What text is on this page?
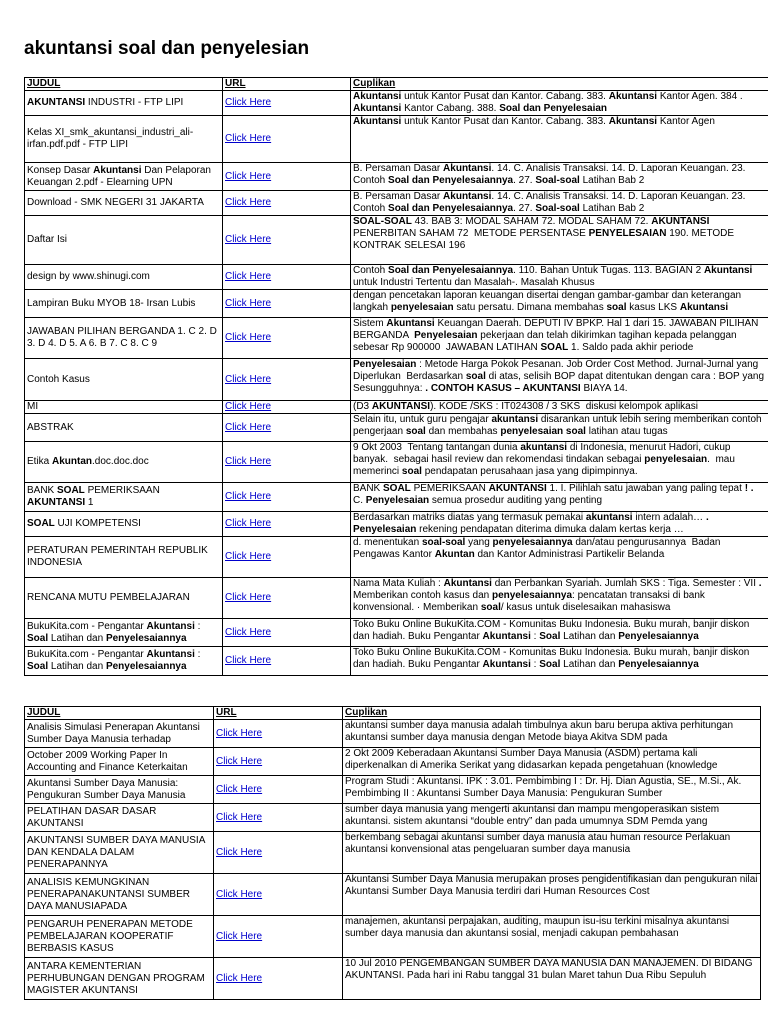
akuntansi soal dan penyelesian
JUDUL	URL	Cuplikan
AKUNTANSI INDUSTRI - FTP LIPI	Click Here	Akuntansi untuk Kantor Pusat dan Kantor. Cabang. 383. Akuntansi Kantor Agen. 384 . Akuntansi Kantor Cabang. 388. Soal dan Penyelesaian
Kelas XI_smk_akuntansi_industri_ali-irfan.pdf.pdf - FTP LIPI	Click Here	Akuntansi untuk Kantor Pusat dan Kantor. Cabang. 383. Akuntansi Kantor Agen
Konsep Dasar Akuntansi Dan Pelaporan Keuangan 2.pdf - Elearning UPN	Click Here	B. Persaman Dasar Akuntansi. 14. C. Analisis Transaksi. 14. D. Laporan Keuangan. 23. Contoh Soal dan Penyelesaiannya. 27. Soal-soal Latihan Bab 2
Download - SMK NEGERI 31 JAKARTA	Click Here	B. Persaman Dasar Akuntansi. 14. C. Analisis Transaksi. 14. D. Laporan Keuangan. 23. Contoh Soal dan Penyelesaiannya. 27. Soal-soal Latihan Bab 2
Daftar Isi	Click Here	SOAL-SOAL 43. BAB 3: MODAL SAHAM 72. MODAL SAHAM 72. AKUNTANSI PENERBITAN SAHAM 72  METODE PERSENTASE PENYELESAIAN 190. METODE KONTRAK SELESAI 196
design by www.shinugi.com	Click Here	Contoh Soal dan Penyelesaiannya. 110. Bahan Untuk Tugas. 113. BAGIAN 2 Akuntansi untuk Industri Tertentu dan Masalah-. Masalah Khusus
Lampiran Buku MYOB 18- Irsan Lubis	Click Here	dengan pencetakan laporan keuangan disertai dengan gambar-gambar dan keterangan langkah penyelesaian satu persatu. Dimana membahas soal kasus LKS Akuntansi
JAWABAN PILIHAN BERGANDA 1. C 2. D 3. D 4. D 5. A 6. B 7. C 8. C 9	Click Here	Sistem Akuntansi Keuangan Daerah. DEPUTI IV BPKP. Hal 1 dari 15. JAWABAN PILIHAN BERGANDA  Penyelesaian pekerjaan dan telah dikirimkan tagihan kepada pelanggan sebesar Rp 900000  JAWABAN LATIHAN SOAL 1. Saldo pada akhir periode
Contoh Kasus	Click Here	Penyelesaian : Metode Harga Pokok Pesanan. Job Order Cost Method. Jurnal-Jurnal yang Diperlukan  Berdasarkan soal di atas, selisih BOP dapat ditentukan dengan cara : BOP yang Sesungguhnya: . CONTOH KASUS – AKUNTANSI BIAYA 14.
MI	Click Here	(D3 AKUNTANSI). KODE /SKS : IT024308 / 3 SKS  diskusi kelompok aplikasi
ABSTRAK	Click Here	Selain itu, untuk guru pengajar akuntansi disarankan untuk lebih sering memberikan contoh pengerjaan soal dan membahas penyelesaian soal latihan atau tugas
Etika Akuntan.doc.doc.doc	Click Here	9 Okt 2003  Tentang tantangan dunia akuntansi di Indonesia, menurut Hadori, cukup banyak.  sebagai hasil review dan rekomendasi tindakan sebagai penyelesaian.  mau memerinci soal pendapatan perusahaan jasa yang dipimpinnya.
BANK SOAL PEMERIKSAAN AKUNTANSI 1	Click Here	BANK SOAL PEMERIKSAAN AKUNTANSI 1. I. Pilihlah satu jawaban yang paling tepat ! . C. Penyelesaian semua prosedur auditing yang penting
SOAL UJI KOMPETENSI	Click Here	Berdasarkan matriks diatas yang termasuk pemakai akuntansi intern adalah… . Penyelesaian rekening pendapatan diterima dimuka dalam kertas kerja …
PERATURAN PEMERINTAH REPUBLIK INDONESIA	Click Here	d. menentukan soal-soal yang penyelesaiannya dan/atau pengurusannya  Badan Pengawas Kantor Akuntan dan Kantor Administrasi Partikelir Belanda
RENCANA MUTU PEMBELAJARAN	Click Here	Nama Mata Kuliah : Akuntansi dan Perbankan Syariah. Jumlah SKS : Tiga. Semester : VII . Memberikan contoh kasus dan penyelesaiannya: pencatatan transaksi di bank konvensional. · Memberikan soal/ kasus untuk diselesaikan mahasiswa
BukuKita.com - Pengantar Akuntansi : Soal Latihan dan Penyelesaiannya	Click Here	Toko Buku Online BukuKita.COM - Komunitas Buku Indonesia. Buku murah, banjir diskon dan hadiah. Buku Pengantar Akuntansi : Soal Latihan dan Penyelesaiannya
BukuKita.com - Pengantar Akuntansi : Soal Latihan dan Penyelesaiannya	Click Here	Toko Buku Online BukuKita.COM - Komunitas Buku Indonesia. Buku murah, banjir diskon dan hadiah. Buku Pengantar Akuntansi : Soal Latihan dan Penyelesaiannya
JUDUL	URL	Cuplikan
Analisis Simulasi Penerapan Akuntansi Sumber Daya Manusia terhadap	Click Here	akuntansi sumber daya manusia adalah timbulnya akun baru berupa aktiva perhitungan akuntansi sumber daya manusia dengan Metode biaya Akitva SDM pada
October 2009 Working Paper In Accounting and Finance Keterkaitan	Click Here	2 Okt 2009 Keberadaan Akuntansi Sumber Daya Manusia (ASDM) pertama kali diperkenalkan di Amerika Serikat yang didasarkan kepada pengetahuan (knowledge
Akuntansi Sumber Daya Manusia: Pengukuran Sumber Daya Manusia	Click Here	Program Studi : Akuntansi. IPK : 3.01. Pembimbing I : Dr. Hj. Dian Agustia, SE., M.Si., Ak. Pembimbing II : Akuntansi Sumber Daya Manusia: Pengukuran Sumber
PELATIHAN DASAR DASAR AKUNTANSI	Click Here	sumber daya manusia yang mengerti akuntansi dan mampu mengoperasikan sistem akuntansi. sistem akuntansi “double entry” dan pada umumnya SDM Pemda yang
AKUNTANSI SUMBER DAYA MANUSIA DAN KENDALA DALAM PENERAPANNYA	Click Here	berkembang sebagai akuntansi sumber daya manusia atau human resource Perlakuan akuntansi konvensional atas pengeluaran sumber daya manusia
ANALISIS KEMUNGKINAN PENERAPANAKUNTANSI SUMBER DAYA MANUSIAPADA	Click Here	Akuntansi Sumber Daya Manusia merupakan proses pengidentifikasian dan pengukuran nilai Akuntansi Sumber Daya Manusia terdiri dari Human Resources Cost
PENGARUH PENERAPAN METODE PEMBELAJARAN KOOPERATIF BERBASIS KASUS	Click Here	manajemen, akuntansi perpajakan, auditing, maupun isu-isu terkini misalnya akuntansi sumber daya manusia dan akuntansi sosial, menjadi cakupan pembahasan
ANTARA KEMENTERIAN PERHUBUNGAN DENGAN PROGRAM MAGISTER AKUNTANSI	Click Here	10 Jul 2010 PENGEMBANGAN SUMBER DAYA MANUSIA DAN MANAJEMEN. DI BIDANG AKUNTANSI. Pada hari ini Rabu tanggal 31 bulan Maret tahun Dua Ribu Sepuluh
